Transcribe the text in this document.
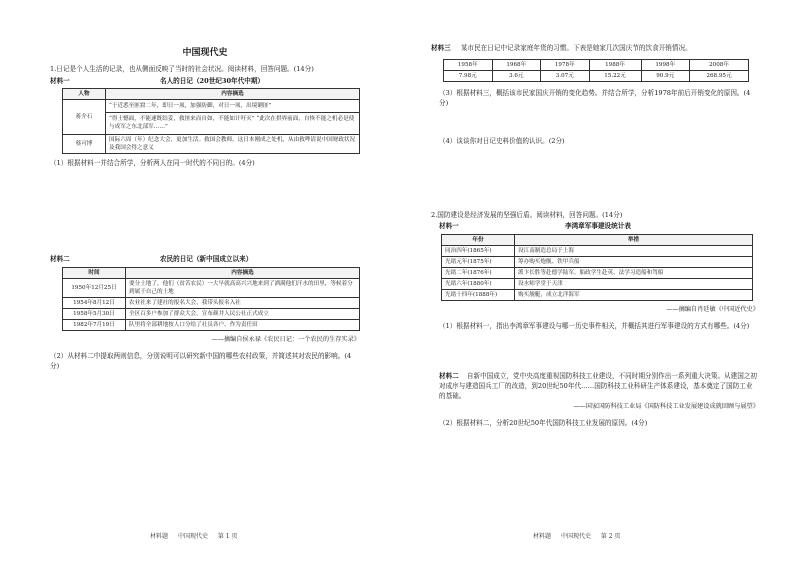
中国现代史

1.日记是个人生活的记录，也从侧面反映了当时的社会状况。阅读材料，回答问题。(14分)

材料一	名人的日记（20世纪30年代中期）
人物	内容摘选
蒋介石	“于近悉至匪窟二年，即日一项，加强防御，对日一项，出境剿匪”
	“得士憾面，不能速既结妥，救匪来而自如，不能如计吁灭” “此次在拱界前面，自恢不能之机必是使与成军之东北部军……”
蔡可博	国际六周（年）纪念大会，更加生活。救国会教师，这日本刚成之处机，从由救哗请说中国财政状况及我国会得之意义

（1）根据材料一并结合所学，分析两人在同一时代的不同日的。(4分)

材料二	农民的日记（新中国成立以来）
时间	内容摘选
1950年12月25日	要分土地了，他们（贫苦农民）一大早就高高兴兴地来到了洒满他们汗水的田里，等候着分到属于自己的土地
1954年8月12日	农业社来了建社的报名大会，我带头报名入社
1958年5月30日	全区百多户参加了群众大会，宣布颜井人民公社正式成立
1982年7月19日	队里将全部耕地按人口分给了社员各户，作为责任田

——摘编自侯永禄《农民日记：一个农民的生存实录》

（2）从材料二中提取两则信息，分别说明可以研究新中国的哪些农村政策，并简述其对农民的影响。(4分)

材料题 中国现代史 第 1 页

材料三 某市民在日记中记录家庭年货的习惯。下表是她家几次国庆节的饮食开销情况。

1958年	1968年	1978年	1988年	1998年	2008年
7.98元	3.6元	3.07元	15.22元	90.9元	268.95元

（3）根据材料三，概括该市民家国庆开销的变化趋势。并结合所学，分析1978年前后开销变化的原因。(4分)

（4）谈谈你对日记史料价值的认识。(2分)

2.国防建设是经济发展的坚强后盾。阅读材料，回答问题。(14分)

材料一	李鸿章军事建设统计表
年份	举措
同治四年(1865年)	设江南制造总局于上海
光绪元年(1875年)	筹办购买炮舰、铁甲兵船
光绪二年(1876年)	派卞长胜等赴德学陆军，船政学生赴英、法学习造船和驾船
光绪六年(1880年)	设水师学堂于天津
光绪十四年(1888年)	购买舰艇，成立北洋海军

——摘编自肖廷敏《中国近代史》

（1）根据材料一，指出李鸿章军事建设与哪一历史事件相关，并概括其进行军事建设的方式有哪些。(4分)

材料二 自新中国成立，党中央高度重视国防科技工业建设，不同时期分别作出一系列重大决策。从建国之初对成序与建造国兵工厂的改造，到20世纪50年代……国防科技工业科研生产体系建设，基本奠定了国防工业的基础。

——国家国防科技工业局《国防科技工业发展建设成就回顾与展望》

（2）根据材料二，分析20世纪50年代国防科技工业发展的原因。(4分)

材料题 中国现代史 第 2 页
